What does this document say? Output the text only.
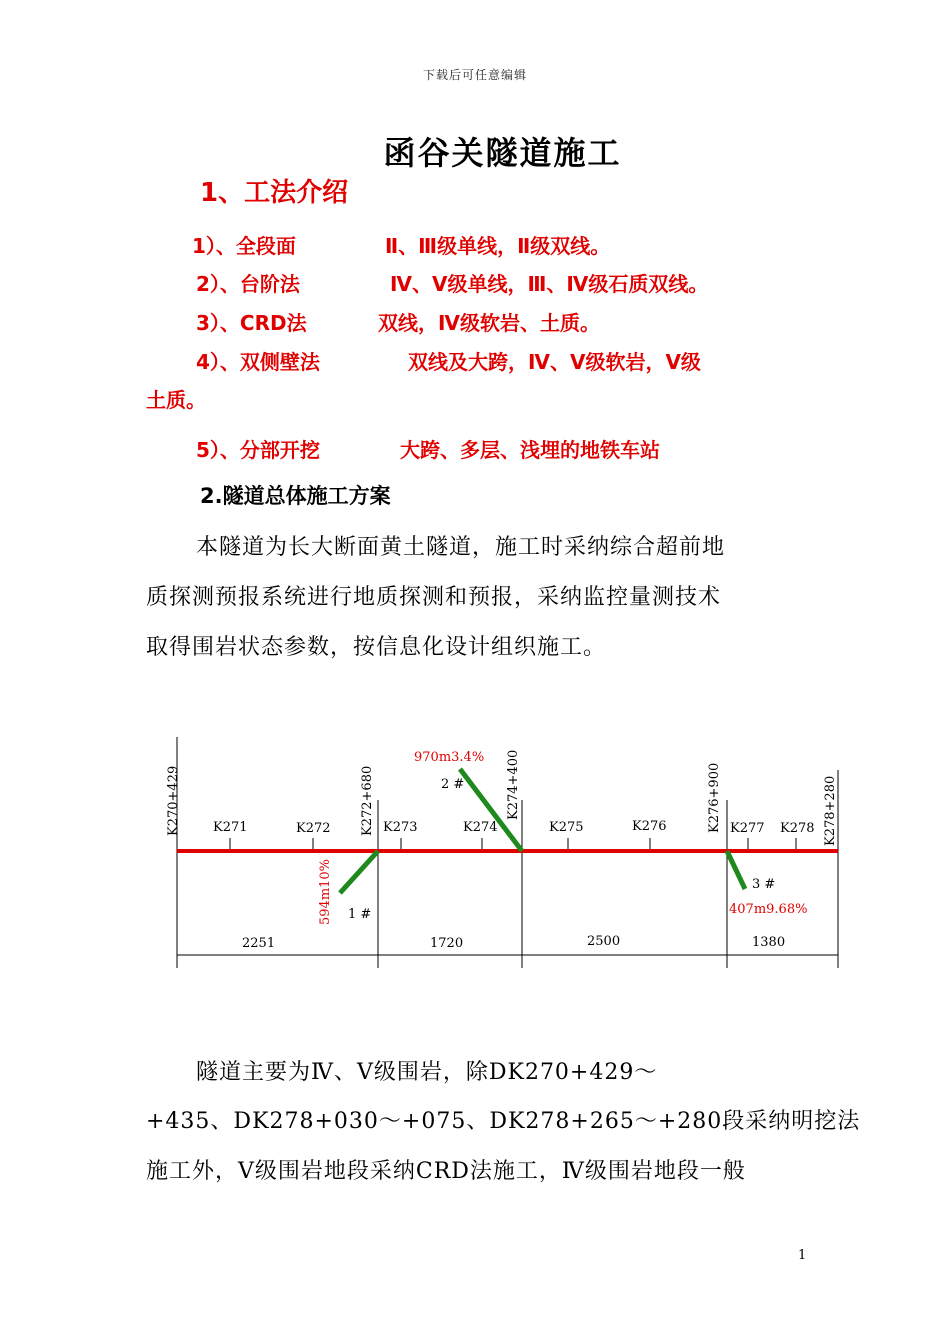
下载后可任意编辑
函谷关隧道施工
1、工法介绍
1）、全段面	Ⅱ、Ⅲ级单线，Ⅱ级双线。
2）、台阶法	Ⅳ、Ⅴ级单线，Ⅲ、Ⅳ级石质双线。
3）、CRD法	双线，Ⅳ级软岩、土质。
4）、双侧壁法	双线及大跨，Ⅳ、Ⅴ级软岩，Ⅴ级
土质。
5）、分部开挖	大跨、多层、浅埋的地铁车站
2.隧道总体施工方案
本隧道为长大断面黄土隧道，施工时采纳综合超前地
质探测预报系统进行地质探测和预报，采纳监控量测技术
取得围岩状态参数，按信息化设计组织施工。
K270+429	K272+680	K274+400	K276+900	K278+280
K271	K272	K273	K274	K275	K276	K277 K278
1 #
2 #
3 #
2251	1720	2500	1380
594m10%
970m3.4%
407m9.68%
隧道主要为Ⅳ、Ⅴ级围岩，除DK270+429～
+435、DK278+030～+075、DK278+265～+280段采纳明挖法
施工外，Ⅴ级围岩地段采纳CRD法施工，Ⅳ级围岩地段一般
1
